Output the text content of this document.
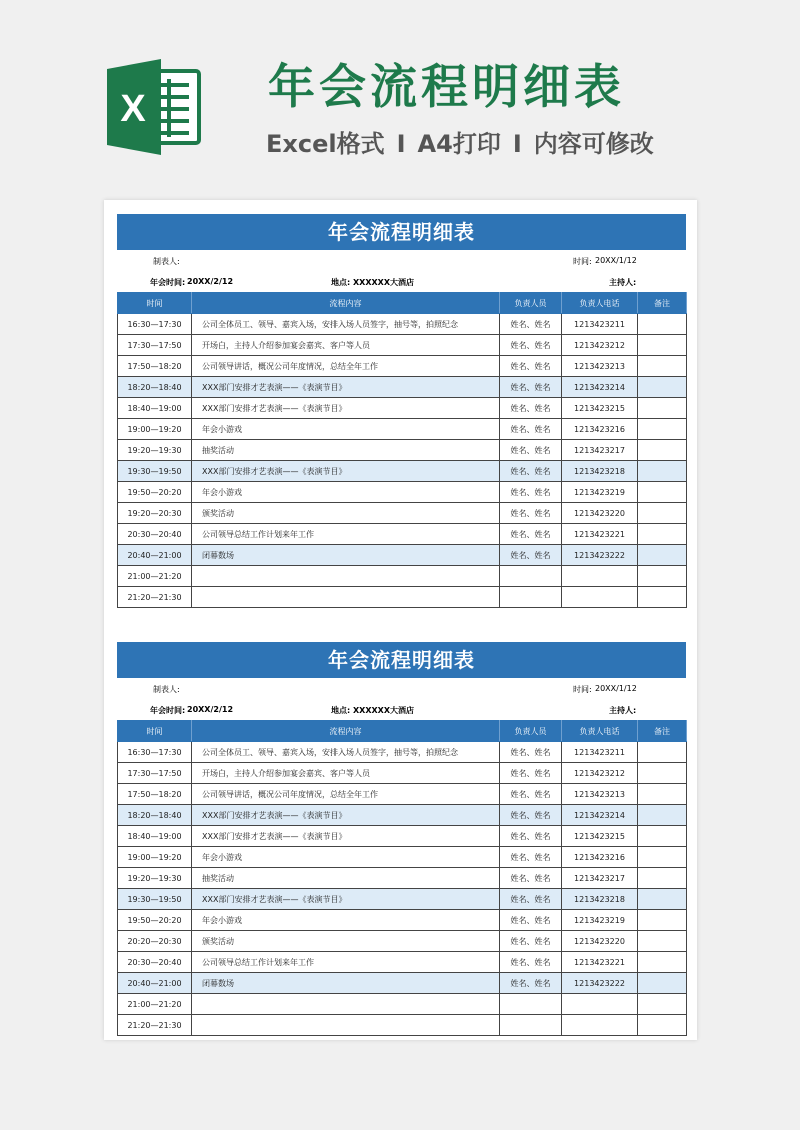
X	年会流程明细表
Excel格式 I A4打印 I 内容可修改
年会流程明细表
制表人:	时间: 20XX/1/12
年会时间: 20XX/2/12	地点: XXXXXX大酒店	主持人:
时间	流程内容	负责人员	负责人电话	备注
16:30—17:30	公司全体员工、领导、嘉宾入场，安排入场人员签字，抽号等，拍照纪念	姓名、姓名	1213423211	
17:30—17:50	开场白，主持人介绍参加宴会嘉宾、客户等人员	姓名、姓名	1213423212	
17:50—18:20	公司领导讲话，概况公司年度情况，总结全年工作	姓名、姓名	1213423213	
18:20—18:40	XXX部门安排才艺表演——《表演节目》	姓名、姓名	1213423214	
18:40—19:00	XXX部门安排才艺表演——《表演节目》	姓名、姓名	1213423215	
19:00—19:20	年会小游戏	姓名、姓名	1213423216	
19:20—19:30	抽奖活动	姓名、姓名	1213423217	
19:30—19:50	XXX部门安排才艺表演——《表演节目》	姓名、姓名	1213423218	
19:50—20:20	年会小游戏	姓名、姓名	1213423219	
19:20—20:30	颁奖活动	姓名、姓名	1213423220	
20:30—20:40	公司领导总结工作计划来年工作	姓名、姓名	1213423221	
20:40—21:00	闭幕数场	姓名、姓名	1213423222	
21:00—21:20				
21:20—21:30				
年会流程明细表
制表人:	时间: 20XX/1/12
年会时间: 20XX/2/12	地点: XXXXXX大酒店	主持人:
时间	流程内容	负责人员	负责人电话	备注
16:30—17:30	公司全体员工、领导、嘉宾入场，安排入场人员签字，抽号等，拍照纪念	姓名、姓名	1213423211	
17:30—17:50	开场白，主持人介绍参加宴会嘉宾、客户等人员	姓名、姓名	1213423212	
17:50—18:20	公司领导讲话，概况公司年度情况，总结全年工作	姓名、姓名	1213423213	
18:20—18:40	XXX部门安排才艺表演——《表演节目》	姓名、姓名	1213423214	
18:40—19:00	XXX部门安排才艺表演——《表演节目》	姓名、姓名	1213423215	
19:00—19:20	年会小游戏	姓名、姓名	1213423216	
19:20—19:30	抽奖活动	姓名、姓名	1213423217	
19:30—19:50	XXX部门安排才艺表演——《表演节目》	姓名、姓名	1213423218	
19:50—20:20	年会小游戏	姓名、姓名	1213423219	
20:20—20:30	颁奖活动	姓名、姓名	1213423220	
20:30—20:40	公司领导总结工作计划来年工作	姓名、姓名	1213423221	
20:40—21:00	闭幕数场	姓名、姓名	1213423222	
21:00—21:20				
21:20—21:30				
